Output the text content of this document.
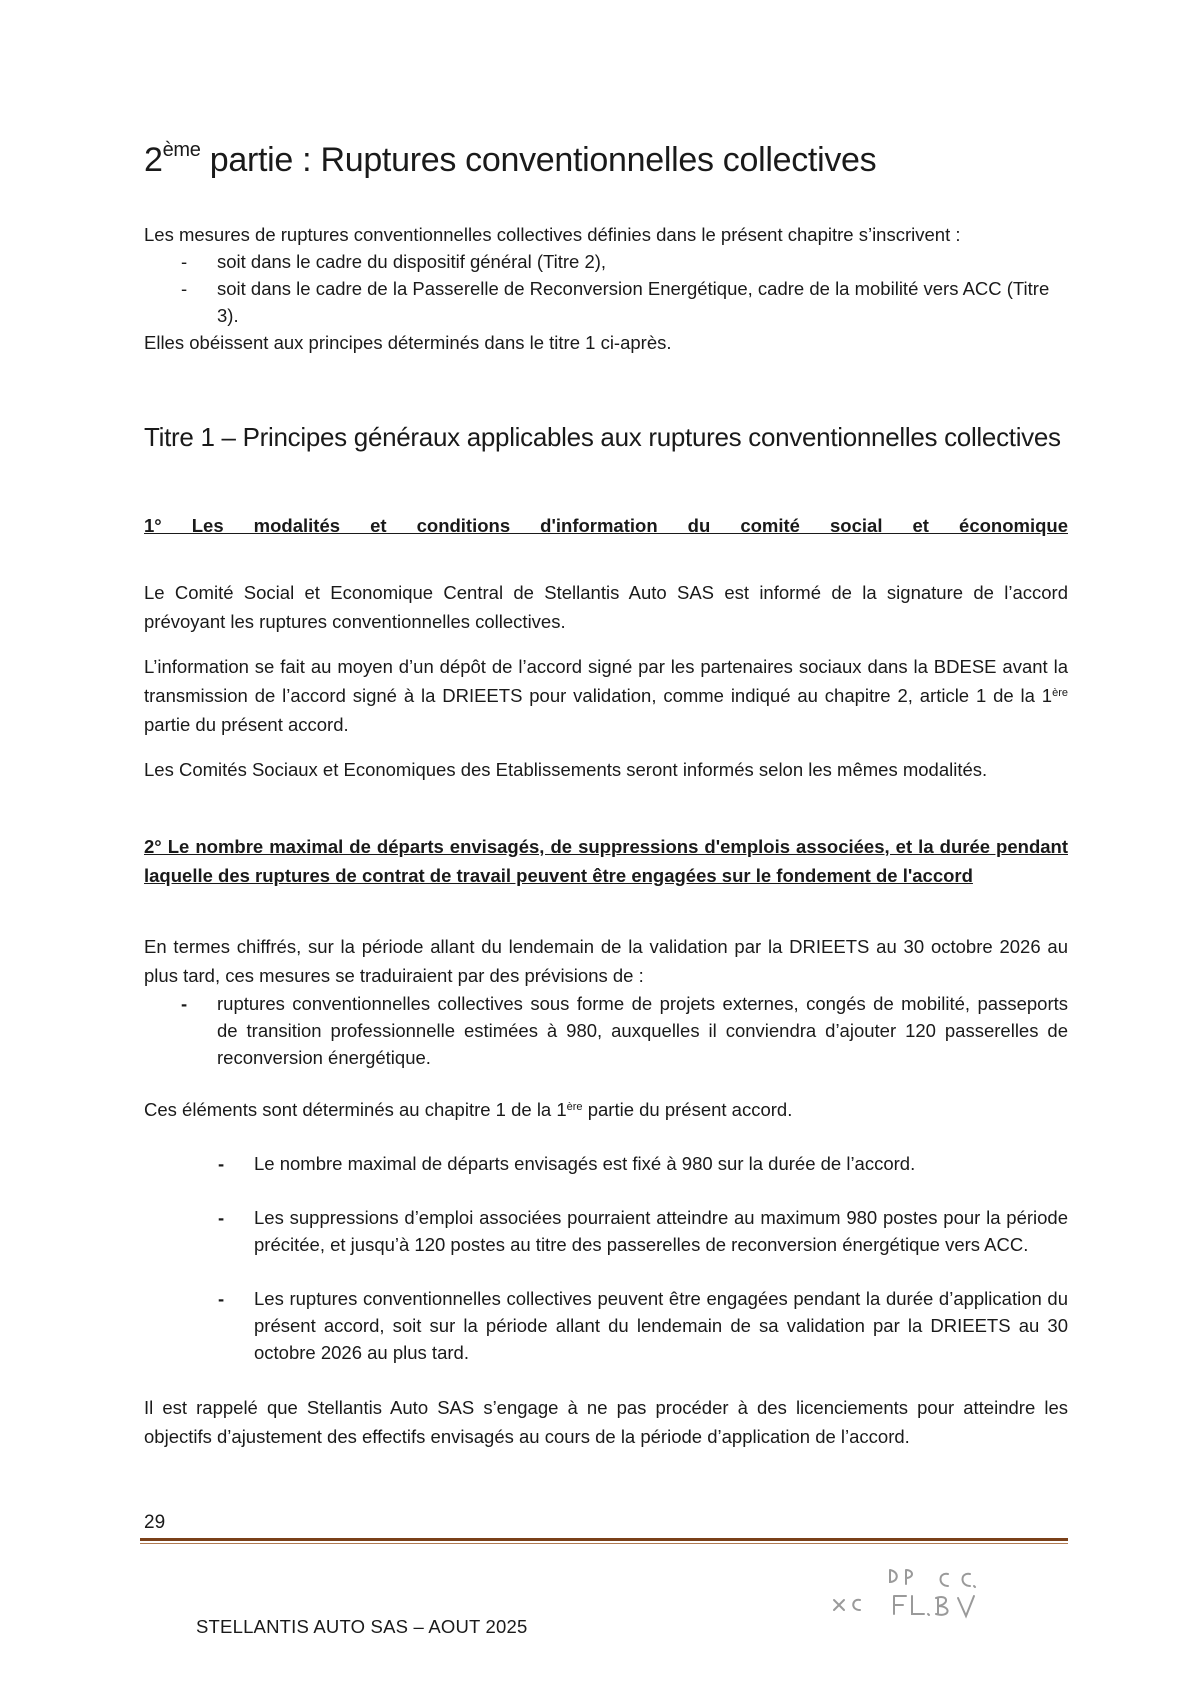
2ème partie : Ruptures conventionnelles collectives

Les mesures de ruptures conventionnelles collectives définies dans le présent chapitre s’inscrivent :

- soit dans le cadre du dispositif général (Titre 2),
- soit dans le cadre de la Passerelle de Reconversion Energétique, cadre de la mobilité vers ACC (Titre 3).

Elles obéissent aux principes déterminés dans le titre 1 ci-après.

Titre 1 – Principes généraux applicables aux ruptures conventionnelles collectives

1° Les modalités et conditions d'information du comité social et économique

Le Comité Social et Economique Central de Stellantis Auto SAS est informé de la signature de l’accord prévoyant les ruptures conventionnelles collectives.

L’information se fait au moyen d’un dépôt de l’accord signé par les partenaires sociaux dans la BDESE avant la transmission de l’accord signé à la DRIEETS pour validation, comme indiqué au chapitre 2, article 1 de la 1ère partie du présent accord.

Les Comités Sociaux et Economiques des Etablissements seront informés selon les mêmes modalités.

2° Le nombre maximal de départs envisagés, de suppressions d'emplois associées, et la durée pendant laquelle des ruptures de contrat de travail peuvent être engagées sur le fondement de l'accord

En termes chiffrés, sur la période allant du lendemain de la validation par la DRIEETS au 30 octobre 2026 au plus tard, ces mesures se traduiraient par des prévisions de :

- ruptures conventionnelles collectives sous forme de projets externes, congés de mobilité, passeports de transition professionnelle estimées à 980, auxquelles il conviendra d’ajouter 120 passerelles de reconversion énergétique.

Ces éléments sont déterminés au chapitre 1 de la 1ère partie du présent accord.

- Le nombre maximal de départs envisagés est fixé à 980 sur la durée de l’accord.
- Les suppressions d’emploi associées pourraient atteindre au maximum 980 postes pour la période précitée, et jusqu’à 120 postes au titre des passerelles de reconversion énergétique vers ACC.
- Les ruptures conventionnelles collectives peuvent être engagées pendant la durée d’application du présent accord, soit sur la période allant du lendemain de sa validation par la DRIEETS au 30 octobre 2026 au plus tard.

Il est rappelé que Stellantis Auto SAS s’engage à ne pas procéder à des licenciements pour atteindre les objectifs d’ajustement des effectifs envisagés au cours de la période d’application de l’accord.

29
STELLANTIS AUTO SAS – AOUT 2025
